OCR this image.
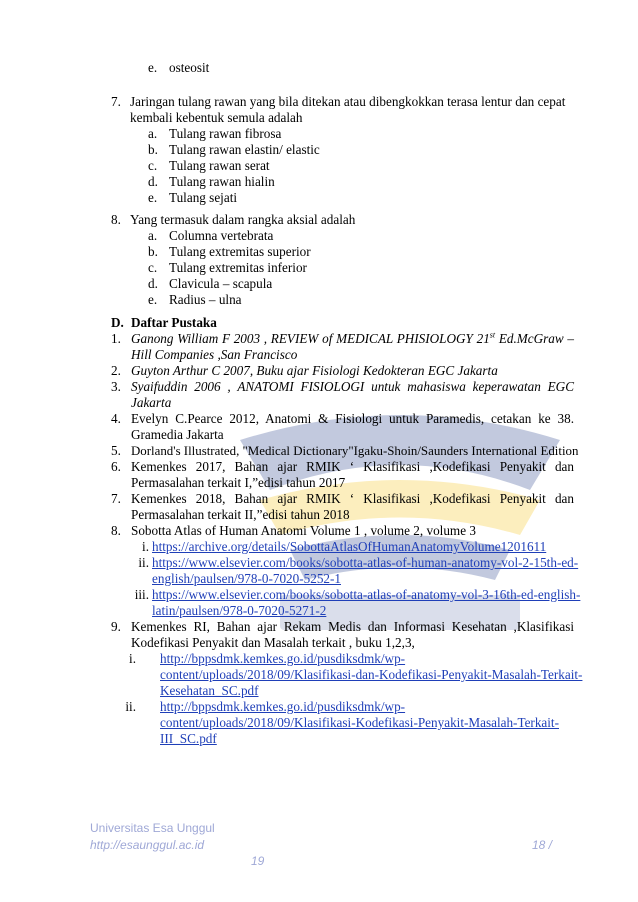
e. osteosit
7. Jaringan tulang rawan yang bila ditekan atau dibengkokkan terasa lentur dan cepat
kembali kebentuk semula adalah
a. Tulang rawan fibrosa
b. Tulang rawan elastin/ elastic
c. Tulang rawan serat
d. Tulang rawan hialin
e. Tulang sejati
8. Yang termasuk dalam rangka aksial adalah
a. Columna vertebrata
b. Tulang extremitas superior
c. Tulang extremitas inferior
d. Clavicula – scapula
e. Radius – ulna
D. Daftar Pustaka
1. Ganong William F 2003 , REVIEW of MEDICAL PHISIOLOGY 21st Ed.McGraw –
Hill Companies ,San Francisco
2. Guyton Arthur C 2007, Buku ajar Fisiologi Kedokteran EGC Jakarta
3. Syaifuddin 2006 , ANATOMI FISIOLOGI untuk mahasiswa keperawatan EGC
Jakarta
4. Evelyn C.Pearce 2012, Anatomi & Fisiologi untuk Paramedis, cetakan ke 38.
Gramedia Jakarta
5. Dorland's Illustrated, "Medical Dictionary"Igaku-Shoin/Saunders International Edition
6. Kemenkes 2017, Bahan ajar RMIK ‘ Klasifikasi ,Kodefikasi Penyakit dan
Permasalahan terkait I,”edisi tahun 2017
7. Kemenkes 2018, Bahan ajar RMIK ‘ Klasifikasi ,Kodefikasi Penyakit dan
Permasalahan terkait II,”edisi tahun 2018
8. Sobotta Atlas of Human Anatomi Volume 1 , volume 2, volume 3
i. https://archive.org/details/SobottaAtlasOfHumanAnatomyVolume1201611
ii. https://www.elsevier.com/books/sobotta-atlas-of-human-anatomy-vol-2-15th-ed-
english/paulsen/978-0-7020-5252-1
iii. https://www.elsevier.com/books/sobotta-atlas-of-anatomy-vol-3-16th-ed-english-
latin/paulsen/978-0-7020-5271-2
9. Kemenkes RI, Bahan ajar Rekam Medis dan Informasi Kesehatan ,Klasifikasi
Kodefikasi Penyakit dan Masalah terkait , buku 1,2,3,
i. http://bppsdmk.kemkes.go.id/pusdiksdmk/wp-
content/uploads/2018/09/Klasifikasi-dan-Kodefikasi-Penyakit-Masalah-Terkait-
Kesehatan_SC.pdf
ii. http://bppsdmk.kemkes.go.id/pusdiksdmk/wp-
content/uploads/2018/09/Klasifikasi-Kodefikasi-Penyakit-Masalah-Terkait-
III_SC.pdf
Universitas Esa Unggul
http://esaunggul.ac.id	18 /
19
